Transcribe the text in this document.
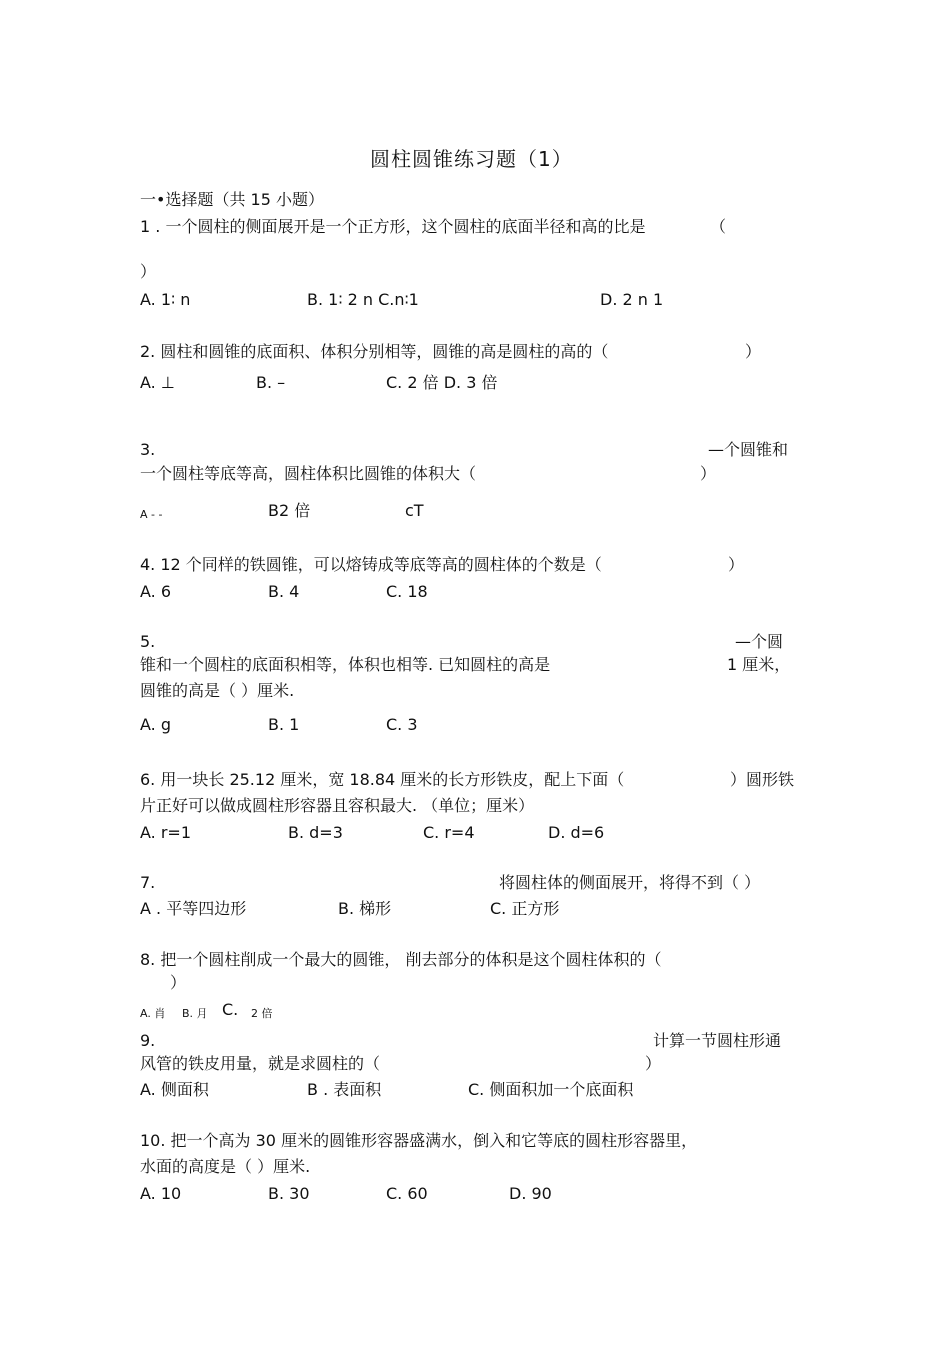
圆柱圆锥练习题（1）
一•选择题（共 15 小题）
1 . 一个圆柱的侧面展开是一个正方形，这个圆柱的底面半径和高的比是	（
）
A. 1∶ n	B. 1∶ 2 n C.n∶1	D. 2 n 1
2. 圆柱和圆锥的底面积、体积分别相等，圆锥的高是圆柱的高的（	）
A. ⊥	B. –	C. 2 倍 D. 3 倍
3.	—个圆锥和
一个圆柱等底等高，圆柱体积比圆锥的体积大（	）
A - -	B2 倍	cT
4. 12 个同样的铁圆锥，可以熔铸成等底等高的圆柱体的个数是（	）
A. 6	B. 4	C. 18
5.	—个圆
锥和一个圆柱的底面积相等，体积也相等. 已知圆柱的高是	1 厘米，
圆锥的高是（ ）厘米.
A. g	B. 1	C. 3
6. 用一块长 25.12 厘米，宽 18.84 厘米的长方形铁皮，配上下面（	）圆形铁
片正好可以做成圆柱形容器且容积最大. （单位；厘米）
A. r=1	B. d=3	C. r=4	D. d=6
7.	将圆柱体的侧面展开，将得不到（ ）
A . 平等四边形	B. 梯形	C. 正方形
8. 把一个圆柱削成一个最大的圆锥， 削去部分的体积是这个圆柱体积的（
）
A. 肖 B. 月 C. 2 倍
9.	计算一节圆柱形通
风管的铁皮用量，就是求圆柱的（	）
A. 侧面积	B . 表面积	C. 侧面积加一个底面积
10. 把一个高为 30 厘米的圆锥形容器盛满水，倒入和它等底的圆柱形容器里，
水面的高度是（ ）厘米.
A. 10	B. 30	C. 60	D. 90
